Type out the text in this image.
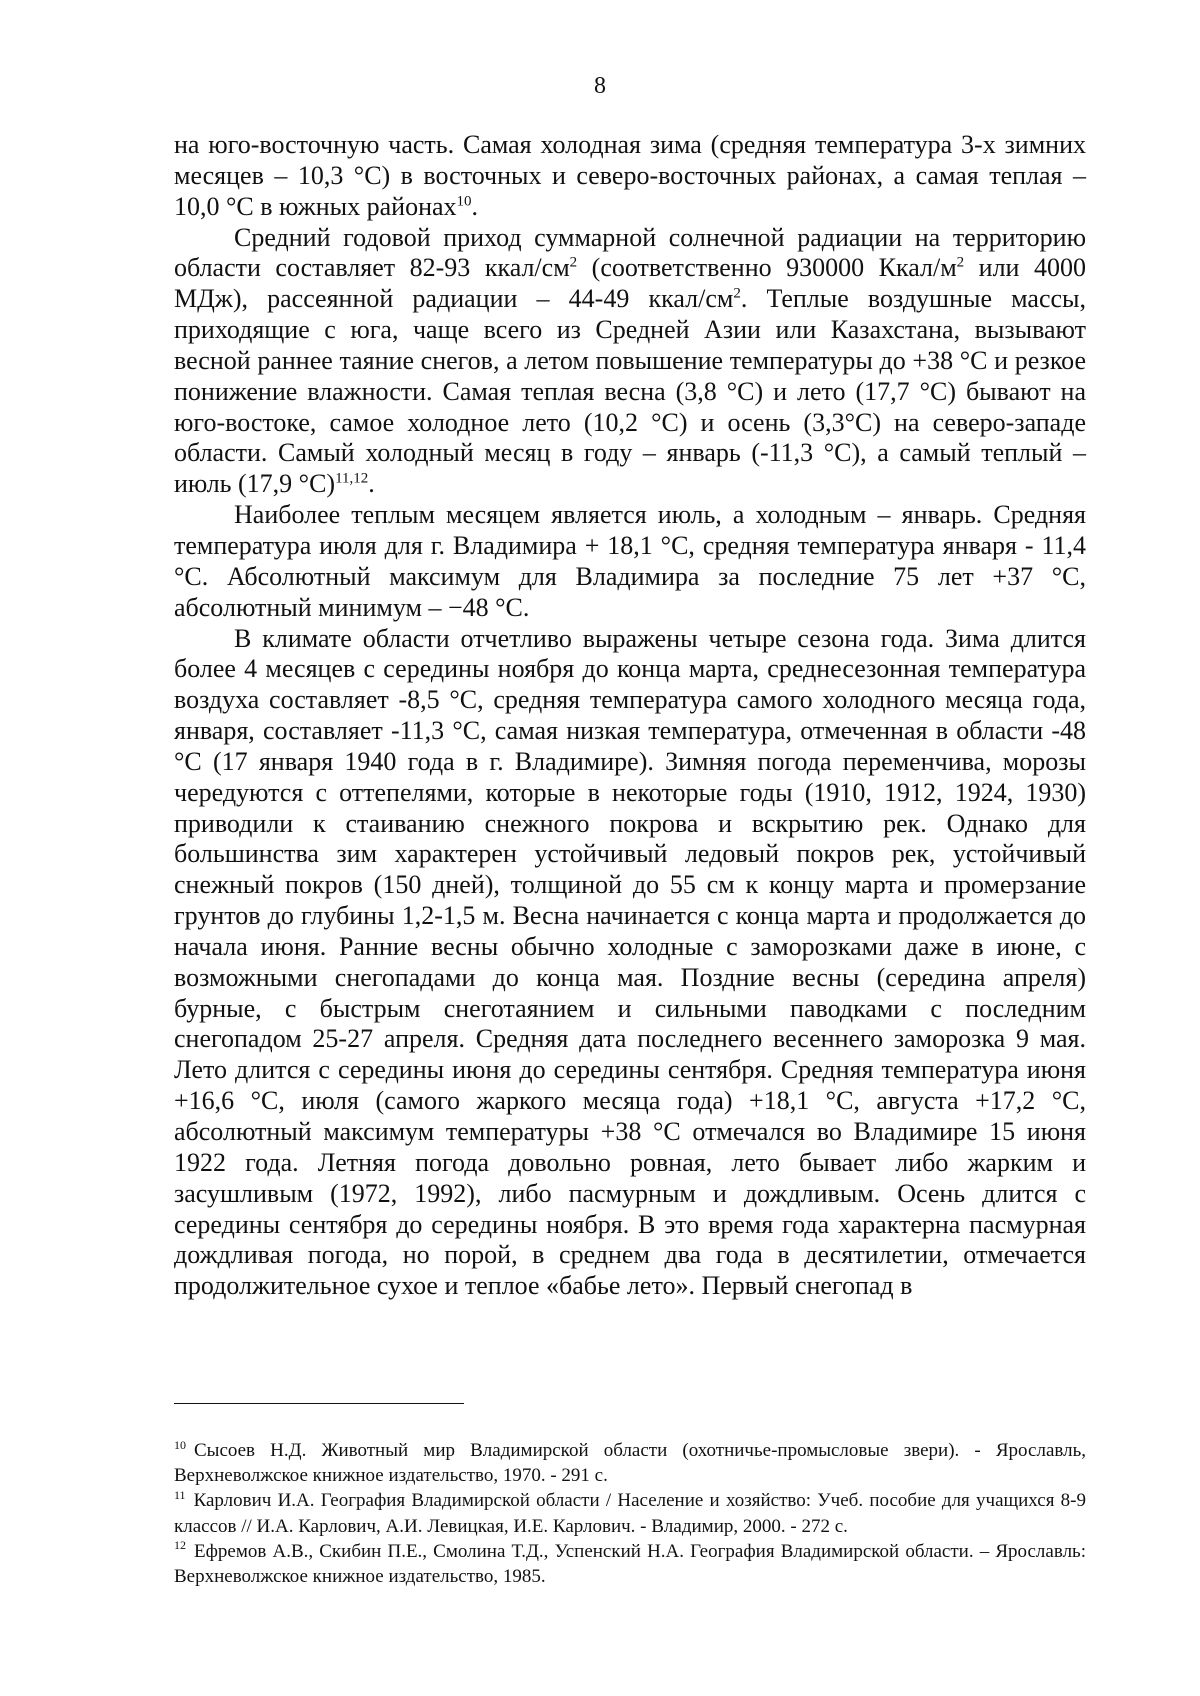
8

на юго-восточную часть. Самая холодная зима (средняя температура 3-х зимних месяцев – 10,3 °С) в восточных и северо-восточных районах, а самая теплая – 10,0 °С в южных районах$^{10}$.

Средний годовой приход суммарной солнечной радиации на территорию области составляет 82-93 ккал/$см^2$ (соответственно 930000 Ккал/$м^2$ или 4000 МДж), рассеянной радиации – 44-49 ккал/$см^2$. Теплые воздушные массы, приходящие с юга, чаще всего из Средней Азии или Казахстана, вызывают весной раннее таяние снегов, а летом повышение температуры до +38 °С и резкое понижение влажности. Самая теплая весна (3,8 °С) и лето (17,7 °С) бывают на юго-востоке, самое холодное лето (10,2 °С) и осень (3,3°С) на северо-западе области. Самый холодный месяц в году – январь (-11,3 °С), а самый теплый – июль (17,9 °С)$^{11,12}$.

Наиболее теплым месяцем является июль, а холодным – январь. Средняя температура июля для г. Владимира + 18,1 °С, средняя температура января - 11,4 °С. Абсолютный максимум для Владимира за последние 75 лет +37 °С, абсолютный минимум – −48 °С.

В климате области отчетливо выражены четыре сезона года. Зима длится более 4 месяцев с середины ноября до конца марта, среднесезонная температура воздуха составляет -8,5 °С, средняя температура самого холодного месяца года, января, составляет -11,3 °С, самая низкая температура, отмеченная в области -48 °С (17 января 1940 года в г. Владимире). Зимняя погода переменчива, морозы чередуются с оттепелями, которые в некоторые годы (1910, 1912, 1924, 1930) приводили к стаиванию снежного покрова и вскрытию рек. Однако для большинства зим характерен устойчивый ледовый покров рек, устойчивый снежный покров (150 дней), толщиной до 55 см к концу марта и промерзание грунтов до глубины 1,2-1,5 м. Весна начинается с конца марта и продолжается до начала июня. Ранние весны обычно холодные с заморозками даже в июне, с возможными снегопадами до конца мая. Поздние весны (середина апреля) бурные, с быстрым снеготаянием и сильными паводками с последним снегопадом 25-27 апреля. Средняя дата последнего весеннего заморозка 9 мая. Лето длится с середины июня до середины сентября. Средняя температура июня +16,6 °С, июля (самого жаркого месяца года) +18,1 °С, августа +17,2 °С, абсолютный максимум температуры +38 °С отмечался во Владимире 15 июня 1922 года. Летняя погода довольно ровная, лето бывает либо жарким и засушливым (1972, 1992), либо пасмурным и дождливым. Осень длится с середины сентября до середины ноября. В это время года характерна пасмурная дождливая погода, но порой, в среднем два года в десятилетии, отмечается продолжительное сухое и теплое «бабье лето». Первый снегопад в

$^{10}$ Сысоев Н.Д. Животный мир Владимирской области (охотничье-промысловые звери). - Ярославль, Верхневолжское книжное издательство, 1970. - 291 с.

$^{11}$ Карлович И.А. География Владимирской области / Население и хозяйство: Учеб. пособие для учащихся 8-9 классов // И.А. Карлович, А.И. Левицкая, И.Е. Карлович. - Владимир, 2000. - 272 с.

$^{12}$ Ефремов А.В., Скибин П.Е., Смолина Т.Д., Успенский Н.А. География Владимирской области. – Ярославль: Верхневолжское книжное издательство, 1985.
